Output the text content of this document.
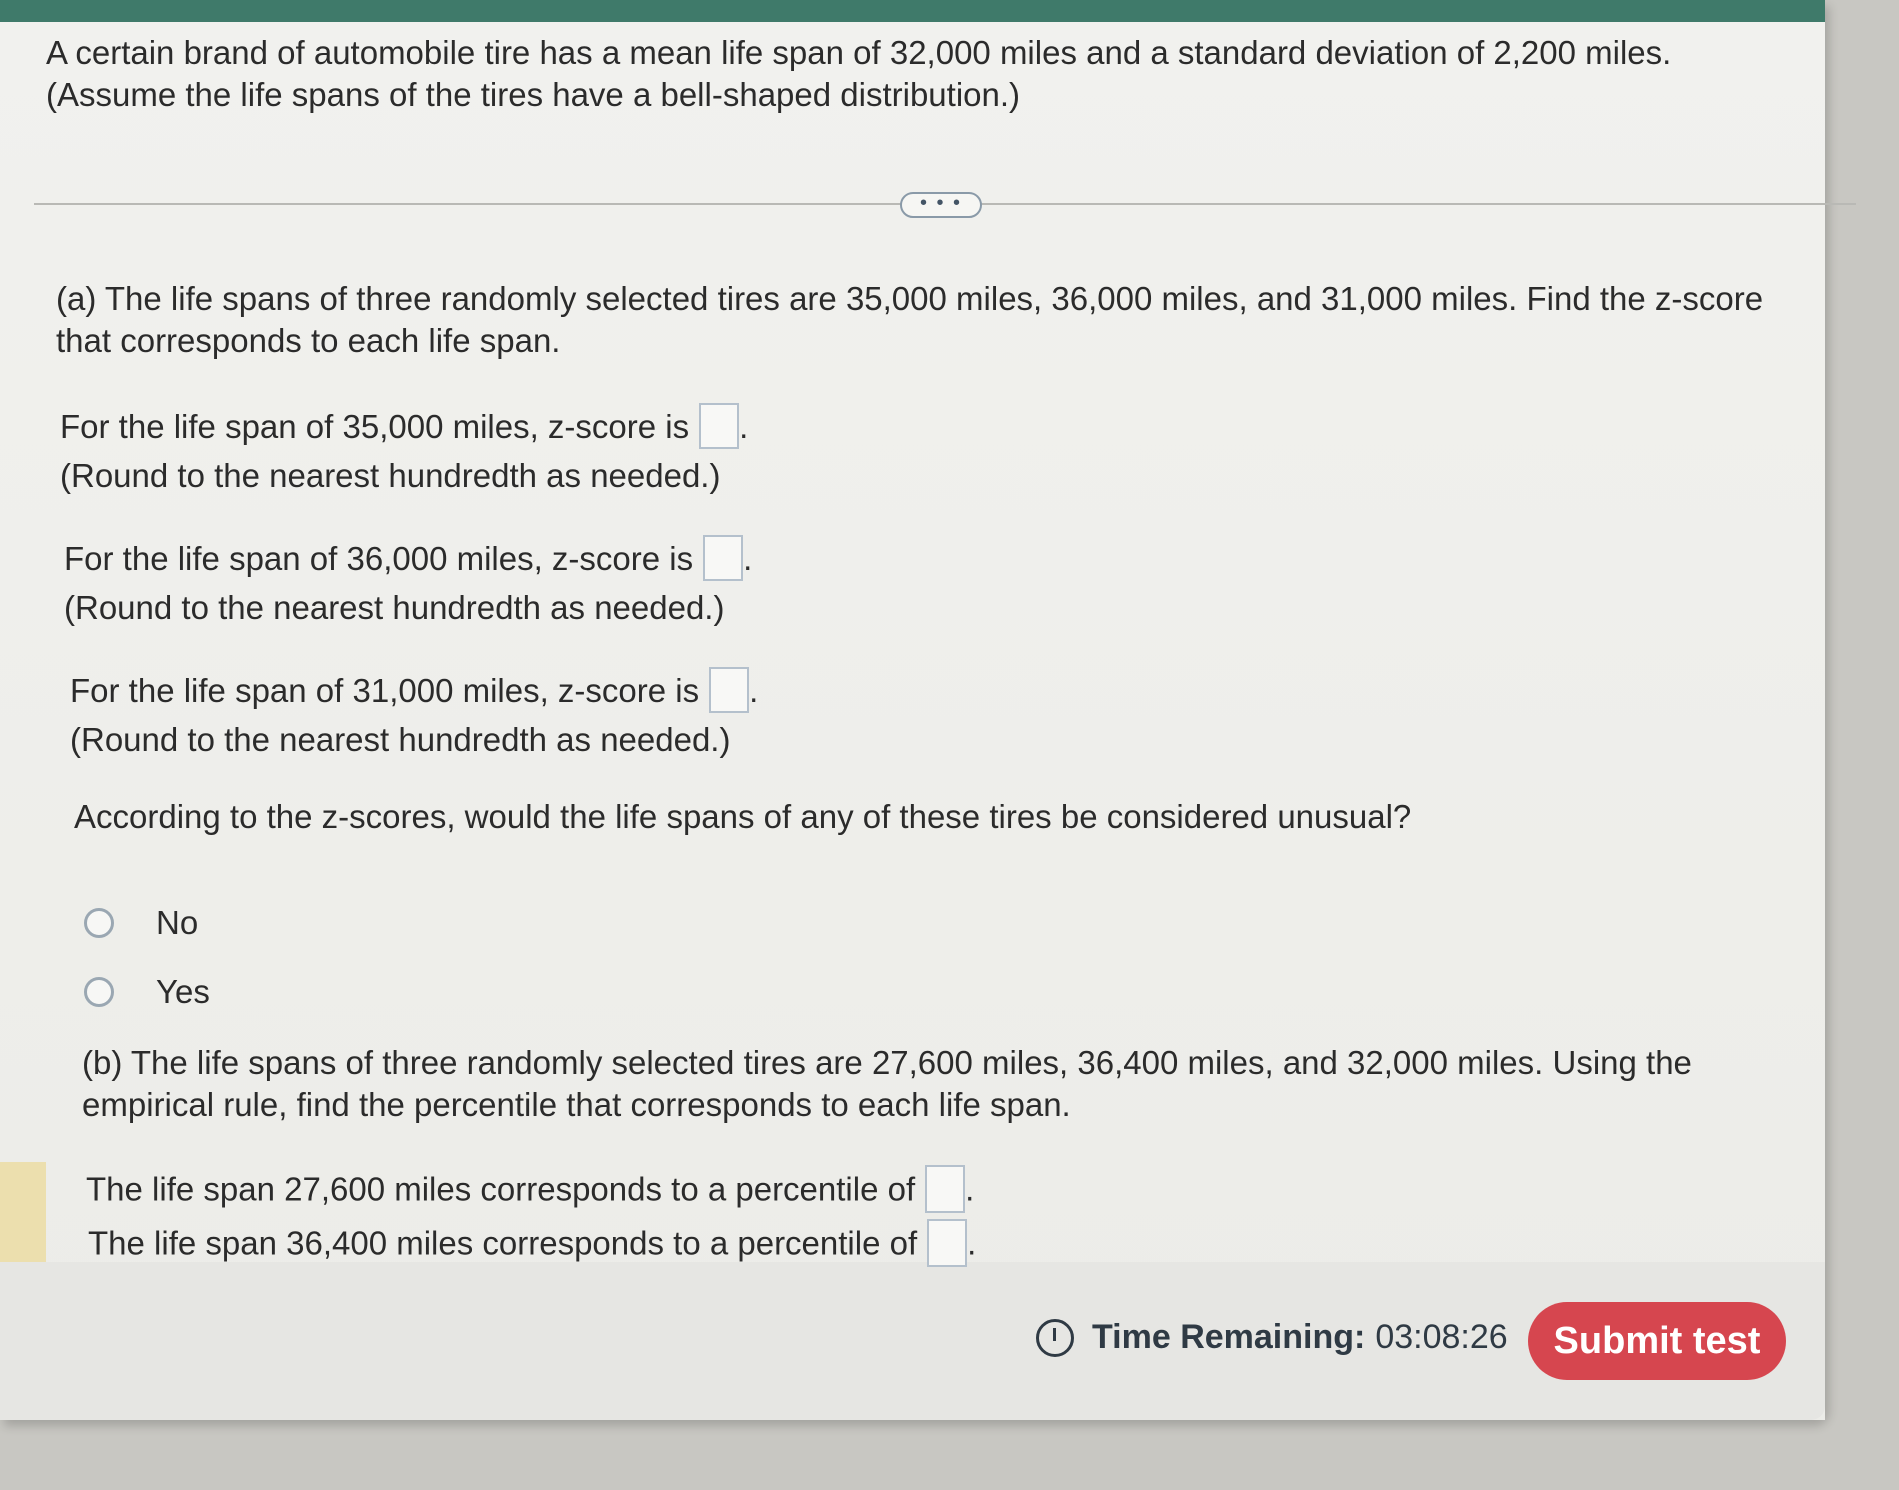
A certain brand of automobile tire has a mean life span of 32,000 miles and a standard deviation of 2,200 miles. (Assume the life spans of the tires have a bell-shaped distribution.)
• • •
(a) The life spans of three randomly selected tires are 35,000 miles, 36,000 miles, and 31,000 miles. Find the z-score that corresponds to each life span.
For the life span of 35,000 miles, z-score is .
(Round to the nearest hundredth as needed.)
For the life span of 36,000 miles, z-score is .
(Round to the nearest hundredth as needed.)
For the life span of 31,000 miles, z-score is .
(Round to the nearest hundredth as needed.)
According to the z-scores, would the life spans of any of these tires be considered unusual?
No
Yes
(b) The life spans of three randomly selected tires are 27,600 miles, 36,400 miles, and 32,000 miles. Using the empirical rule, find the percentile that corresponds to each life span.
The life span 27,600 miles corresponds to a percentile of .
The life span 36,400 miles corresponds to a percentile of .
Time Remaining: 03:08:26	Submit test
